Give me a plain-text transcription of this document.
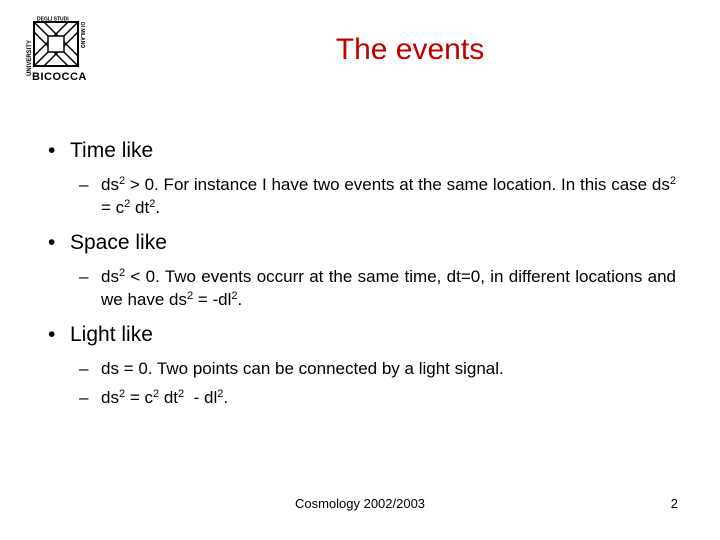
UNIVERSITY
DEGLI STUDI
DI MILANO
BICOCCA
The events
• Time like
– $ds^2 > 0$. For instance I have two events at the same location. In this case $ds^2 = c^2$ $dt^2$.
• Space like
– $ds^2 < 0$. Two events occurr at the same time, dt=0, in different locations and we have $ds^2 = -dl^2$.
• Light like
– ds = 0. Two points can be connected by a light signal.
– $ds^2 = c^2$ $dt^2 - dl^2$.
Cosmology 2002/2003	2
